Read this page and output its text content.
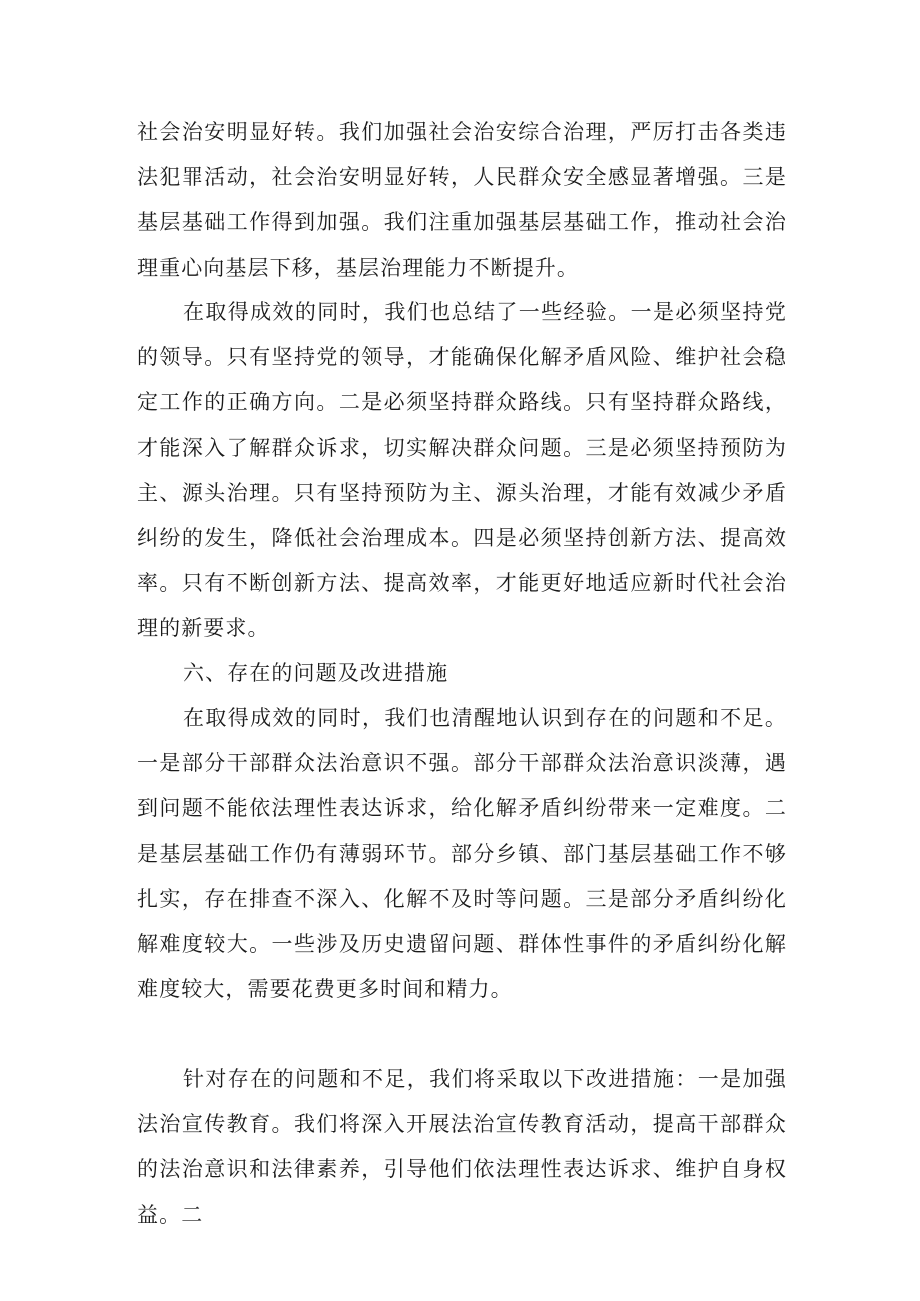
社会治安明显好转。我们加强社会治安综合治理，严厉打击各类违法犯罪活动，社会治安明显好转，人民群众安全感显著增强。三是基层基础工作得到加强。我们注重加强基层基础工作，推动社会治理重心向基层下移，基层治理能力不断提升。

在取得成效的同时，我们也总结了一些经验。一是必须坚持党的领导。只有坚持党的领导，才能确保化解矛盾风险、维护社会稳定工作的正确方向。二是必须坚持群众路线。只有坚持群众路线，才能深入了解群众诉求，切实解决群众问题。三是必须坚持预防为主、源头治理。只有坚持预防为主、源头治理，才能有效减少矛盾纠纷的发生，降低社会治理成本。四是必须坚持创新方法、提高效率。只有不断创新方法、提高效率，才能更好地适应新时代社会治理的新要求。

六、存在的问题及改进措施

在取得成效的同时，我们也清醒地认识到存在的问题和不足。一是部分干部群众法治意识不强。部分干部群众法治意识淡薄，遇到问题不能依法理性表达诉求，给化解矛盾纠纷带来一定难度。二是基层基础工作仍有薄弱环节。部分乡镇、部门基层基础工作不够扎实，存在排查不深入、化解不及时等问题。三是部分矛盾纠纷化解难度较大。一些涉及历史遗留问题、群体性事件的矛盾纠纷化解难度较大，需要花费更多时间和精力。

针对存在的问题和不足，我们将采取以下改进措施：一是加强法治宣传教育。我们将深入开展法治宣传教育活动，提高干部群众的法治意识和法律素养，引导他们依法理性表达诉求、维护自身权益。二
